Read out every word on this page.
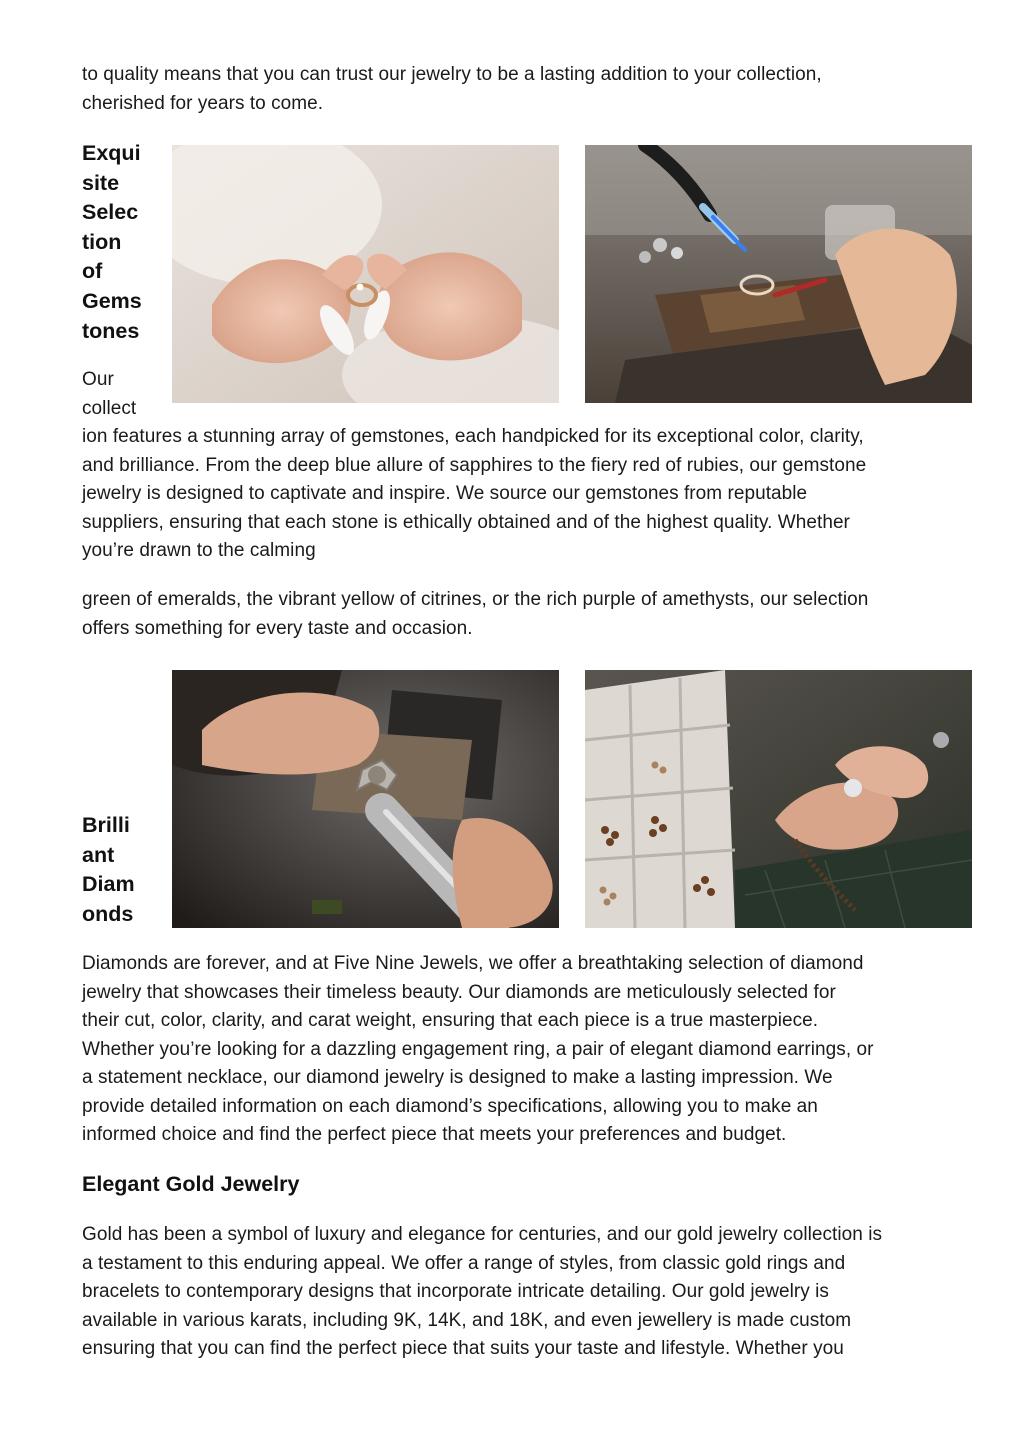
to quality means that you can trust our jewelry to be a lasting addition to your collection,
cherished for years to come.

Exqui
site
Selec
tion
of
Gems
tones

Our
collect

ion features a stunning array of gemstones, each handpicked for its exceptional color, clarity,
and brilliance. From the deep blue allure of sapphires to the fiery red of rubies, our gemstone
jewelry is designed to captivate and inspire. We source our gemstones from reputable
suppliers, ensuring that each stone is ethically obtained and of the highest quality. Whether
you’re drawn to the calming

green of emeralds, the vibrant yellow of citrines, or the rich purple of amethysts, our selection
offers something for every taste and occasion.

Brilli
ant
Diam
onds

Diamonds are forever, and at Five Nine Jewels, we offer a breathtaking selection of diamond
jewelry that showcases their timeless beauty. Our diamonds are meticulously selected for
their cut, color, clarity, and carat weight, ensuring that each piece is a true masterpiece.
Whether you’re looking for a dazzling engagement ring, a pair of elegant diamond earrings, or
a statement necklace, our diamond jewelry is designed to make a lasting impression. We
provide detailed information on each diamond’s specifications, allowing you to make an
informed choice and find the perfect piece that meets your preferences and budget.

Elegant Gold Jewelry

Gold has been a symbol of luxury and elegance for centuries, and our gold jewelry collection is
a testament to this enduring appeal. We offer a range of styles, from classic gold rings and
bracelets to contemporary designs that incorporate intricate detailing. Our gold jewelry is
available in various karats, including 9K, 14K, and 18K, and even jewellery is made custom
ensuring that you can find the perfect piece that suits your taste and lifestyle. Whether you
